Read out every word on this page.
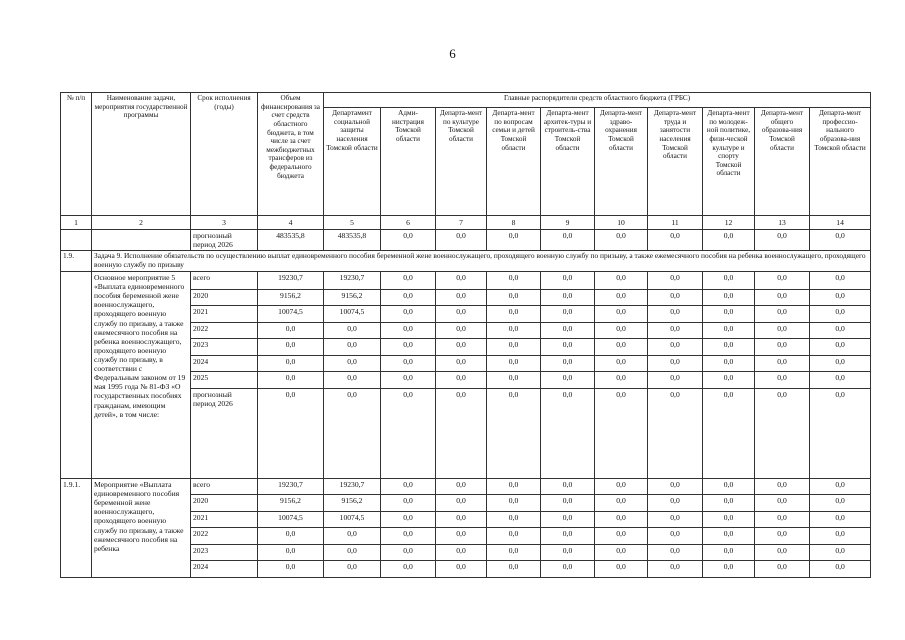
6
№ п/п	Наименование задачи, мероприятия государственной программы	Срок исполнения (годы)	Объем финансирования за счет средств областного бюджета, в том числе за счет межбюджетных трансферов из федерального бюджета	Главные распорядители средств областного бюджета (ГРБС)									
				Департамент социальной защиты населения Томской области	Адми-нистрация Томской области	Департа-мент по культуре Томской области	Департа-мент по вопросам семьи и детей Томской области	Департа-мент архитек-туры и строитель-ства Томской области	Департа-мент здраво-охранения Томской области	Департа-мент труда и занятости населения Томской области	Департа-мент по молодеж-ной политике, физи-ческой культуре и спорту Томской области	Департа-мент общего образова-ния Томской области	Департа-мент профессио-нального образова-ния Томской области
1	2	3	4	5	6	7	8	9	10	11	12	13	14
		прогнозный период 2026	483535,8	483535,8	0,0	0,0	0,0	0,0	0,0	0,0	0,0	0,0	0,0
1.9.	Задача 9. Исполнение обязательств по осуществлению выплат единовременного пособия беременной жене военнослужащего, проходящего военную службу по призыву, а также ежемесячного пособия на ребенка военнослужащего, проходящего военную службу по призыву												
	Основное мероприятие 5 «Выплата единовременного пособия беременной жене военнослужащего, проходящего военную службу по призыву, а также ежемесячного пособия на ребенка военнослужащего, проходящего военную службу по призыву, в соответствии с Федеральным законом от 19 мая 1995 года № 81-ФЗ «О государственных пособиях гражданам, имеющим детей», в том числе:	всего	19230,7	19230,7	0,0	0,0	0,0	0,0	0,0	0,0	0,0	0,0	0,0
		2020	9156,2	9156,2	0,0	0,0	0,0	0,0	0,0	0,0	0,0	0,0	0,0
		2021	10074,5	10074,5	0,0	0,0	0,0	0,0	0,0	0,0	0,0	0,0	0,0
		2022	0,0	0,0	0,0	0,0	0,0	0,0	0,0	0,0	0,0	0,0	0,0
		2023	0,0	0,0	0,0	0,0	0,0	0,0	0,0	0,0	0,0	0,0	0,0
		2024	0,0	0,0	0,0	0,0	0,0	0,0	0,0	0,0	0,0	0,0	0,0
		2025	0,0	0,0	0,0	0,0	0,0	0,0	0,0	0,0	0,0	0,0	0,0
		прогнозный период 2026	0,0	0,0	0,0	0,0	0,0	0,0	0,0	0,0	0,0	0,0	0,0
1.9.1.	Мероприятие «Выплата единовременного пособия беременной жене военнослужащего, проходящего военную службу по призыву, а также ежемесячного пособия на ребенка	всего	19230,7	19230,7	0,0	0,0	0,0	0,0	0,0	0,0	0,0	0,0	0,0
		2020	9156,2	9156,2	0,0	0,0	0,0	0,0	0,0	0,0	0,0	0,0	0,0
		2021	10074,5	10074,5	0,0	0,0	0,0	0,0	0,0	0,0	0,0	0,0	0,0
		2022	0,0	0,0	0,0	0,0	0,0	0,0	0,0	0,0	0,0	0,0	0,0
		2023	0,0	0,0	0,0	0,0	0,0	0,0	0,0	0,0	0,0	0,0	0,0
		2024	0,0	0,0	0,0	0,0	0,0	0,0	0,0	0,0	0,0	0,0	0,0
